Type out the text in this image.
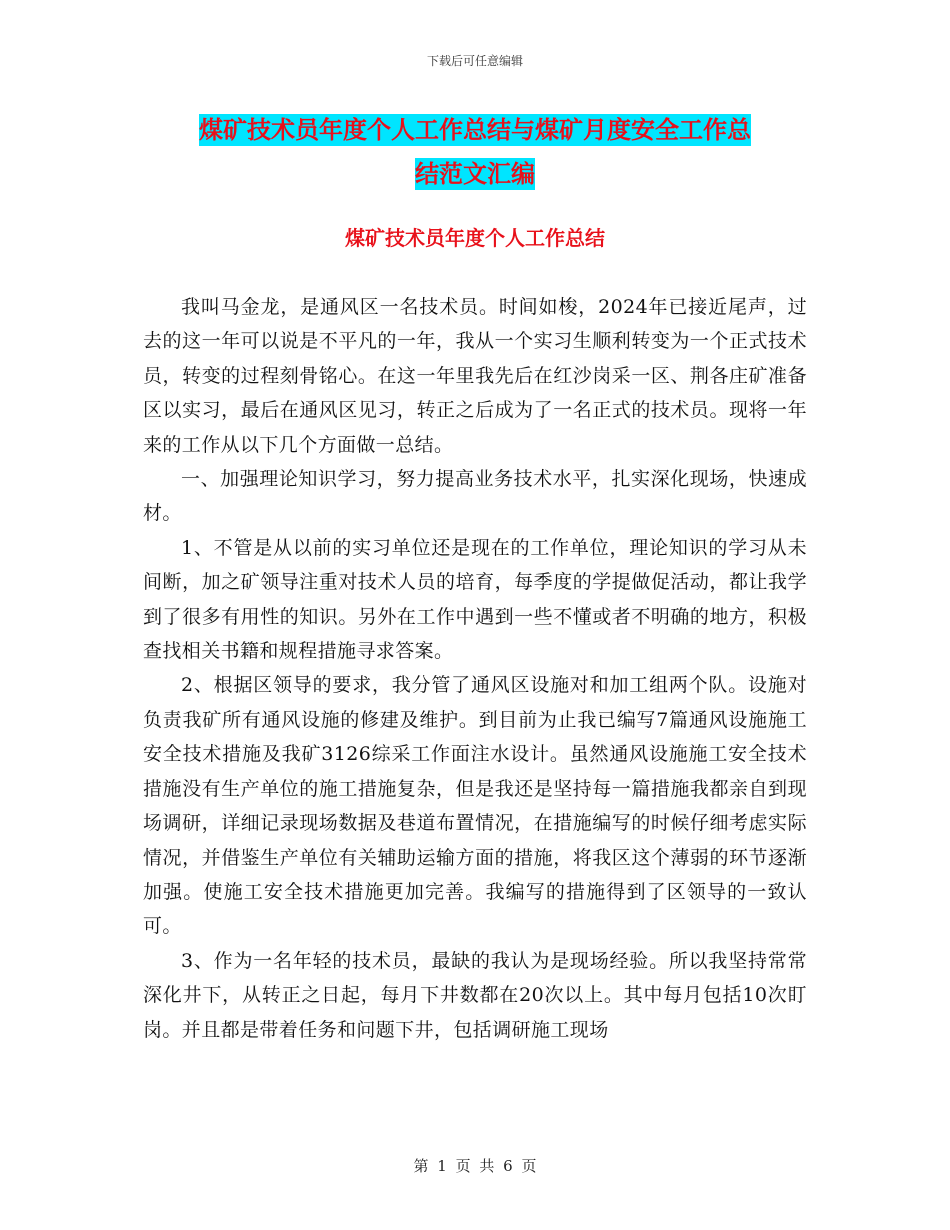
下载后可任意编辑
煤矿技术员年度个人工作总结与煤矿月度安全工作总
结范文汇编
煤矿技术员年度个人工作总结

我叫马金龙，是通风区一名技术员。时间如梭，2024年已接近尾声，过去的这一年可以说是不平凡的一年，我从一个实习生顺利转变为一个正式技术员，转变的过程刻骨铭心。在这一年里我先后在红沙岗采一区、荆各庄矿准备区以实习，最后在通风区见习，转正之后成为了一名正式的技术员。现将一年来的工作从以下几个方面做一总结。

一、加强理论知识学习，努力提高业务技术水平，扎实深化现场，快速成材。

1、不管是从以前的实习单位还是现在的工作单位，理论知识的学习从未间断，加之矿领导注重对技术人员的培育，每季度的学提做促活动，都让我学到了很多有用性的知识。另外在工作中遇到一些不懂或者不明确的地方，积极查找相关书籍和规程措施寻求答案。

2、根据区领导的要求，我分管了通风区设施对和加工组两个队。设施对负责我矿所有通风设施的修建及维护。到目前为止我已编写7篇通风设施施工安全技术措施及我矿3126综采工作面注水设计。虽然通风设施施工安全技术措施没有生产单位的施工措施复杂，但是我还是坚持每一篇措施我都亲自到现场调研，详细记录现场数据及巷道布置情况，在措施编写的时候仔细考虑实际情况，并借鉴生产单位有关辅助运输方面的措施，将我区这个薄弱的环节逐渐加强。使施工安全技术措施更加完善。我编写的措施得到了区领导的一致认可。

3、作为一名年轻的技术员，最缺的我认为是现场经验。所以我坚持常常深化井下，从转正之日起，每月下井数都在20次以上。其中每月包括10次盯岗。并且都是带着任务和问题下井，包括调研施工现场

第 1 页 共 6 页
